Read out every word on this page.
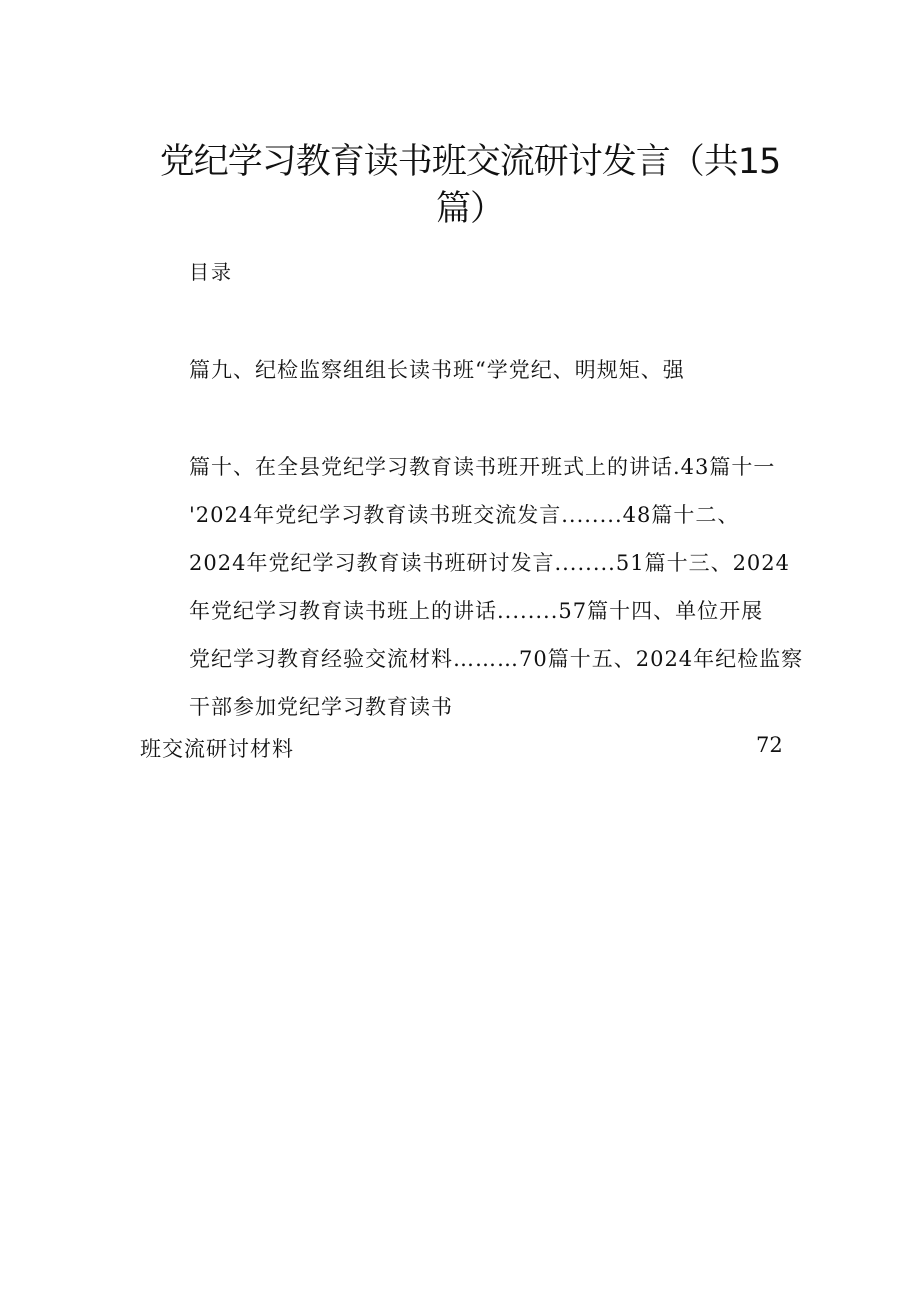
党纪学习教育读书班交流研讨发言（共15
篇）
目录
篇九、纪检监察组组长读书班“学党纪、明规矩、强
篇十、在全县党纪学习教育读书班开班式上的讲话.43篇十一
'2024年党纪学习教育读书班交流发言........48篇十二、
2024年党纪学习教育读书班研讨发言........51篇十三、2024
年党纪学习教育读书班上的讲话........57篇十四、单位开展
党纪学习教育经验交流材料………70篇十五、2024年纪检监察
干部参加党纪学习教育读书
班交流研讨材料	72
